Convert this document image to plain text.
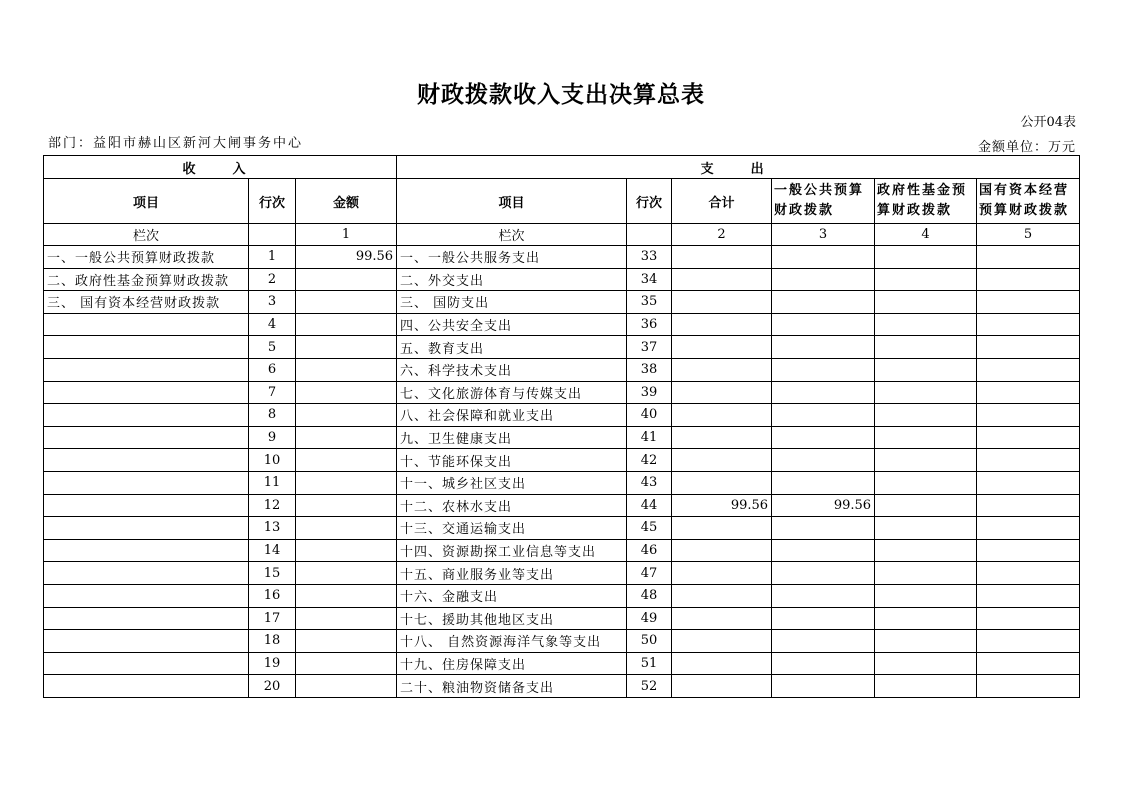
财政拨款收入支出决算总表
公开04表
部门：益阳市赫山区新河大闸事务中心	金额单位：万元
收　入			支　出					
项目	行次	金额	项目	行次	合计	一般公共预算财政拨款	政府性基金预算财政拨款	国有资本经营预算财政拨款
栏次		1	栏次		2	3	4	5
一、一般公共预算财政拨款	1	99.56	一、一般公共服务支出	33				
二、政府性基金预算财政拨款	2		二、外交支出	34				
三、 国有资本经营财政拨款	3		三、 国防支出	35				
	4		四、公共安全支出	36				
	5		五、教育支出	37				
	6		六、科学技术支出	38				
	7		七、文化旅游体育与传媒支出	39				
	8		八、社会保障和就业支出	40				
	9		九、卫生健康支出	41				
	10		十、节能环保支出	42				
	11		十一、城乡社区支出	43				
	12		十二、农林水支出	44	99.56	99.56		
	13		十三、交通运输支出	45				
	14		十四、资源勘探工业信息等支出	46				
	15		十五、商业服务业等支出	47				
	16		十六、金融支出	48				
	17		十七、援助其他地区支出	49				
	18		十八、 自然资源海洋气象等支出	50				
	19		十九、住房保障支出	51				
	20		二十、粮油物资储备支出	52				
